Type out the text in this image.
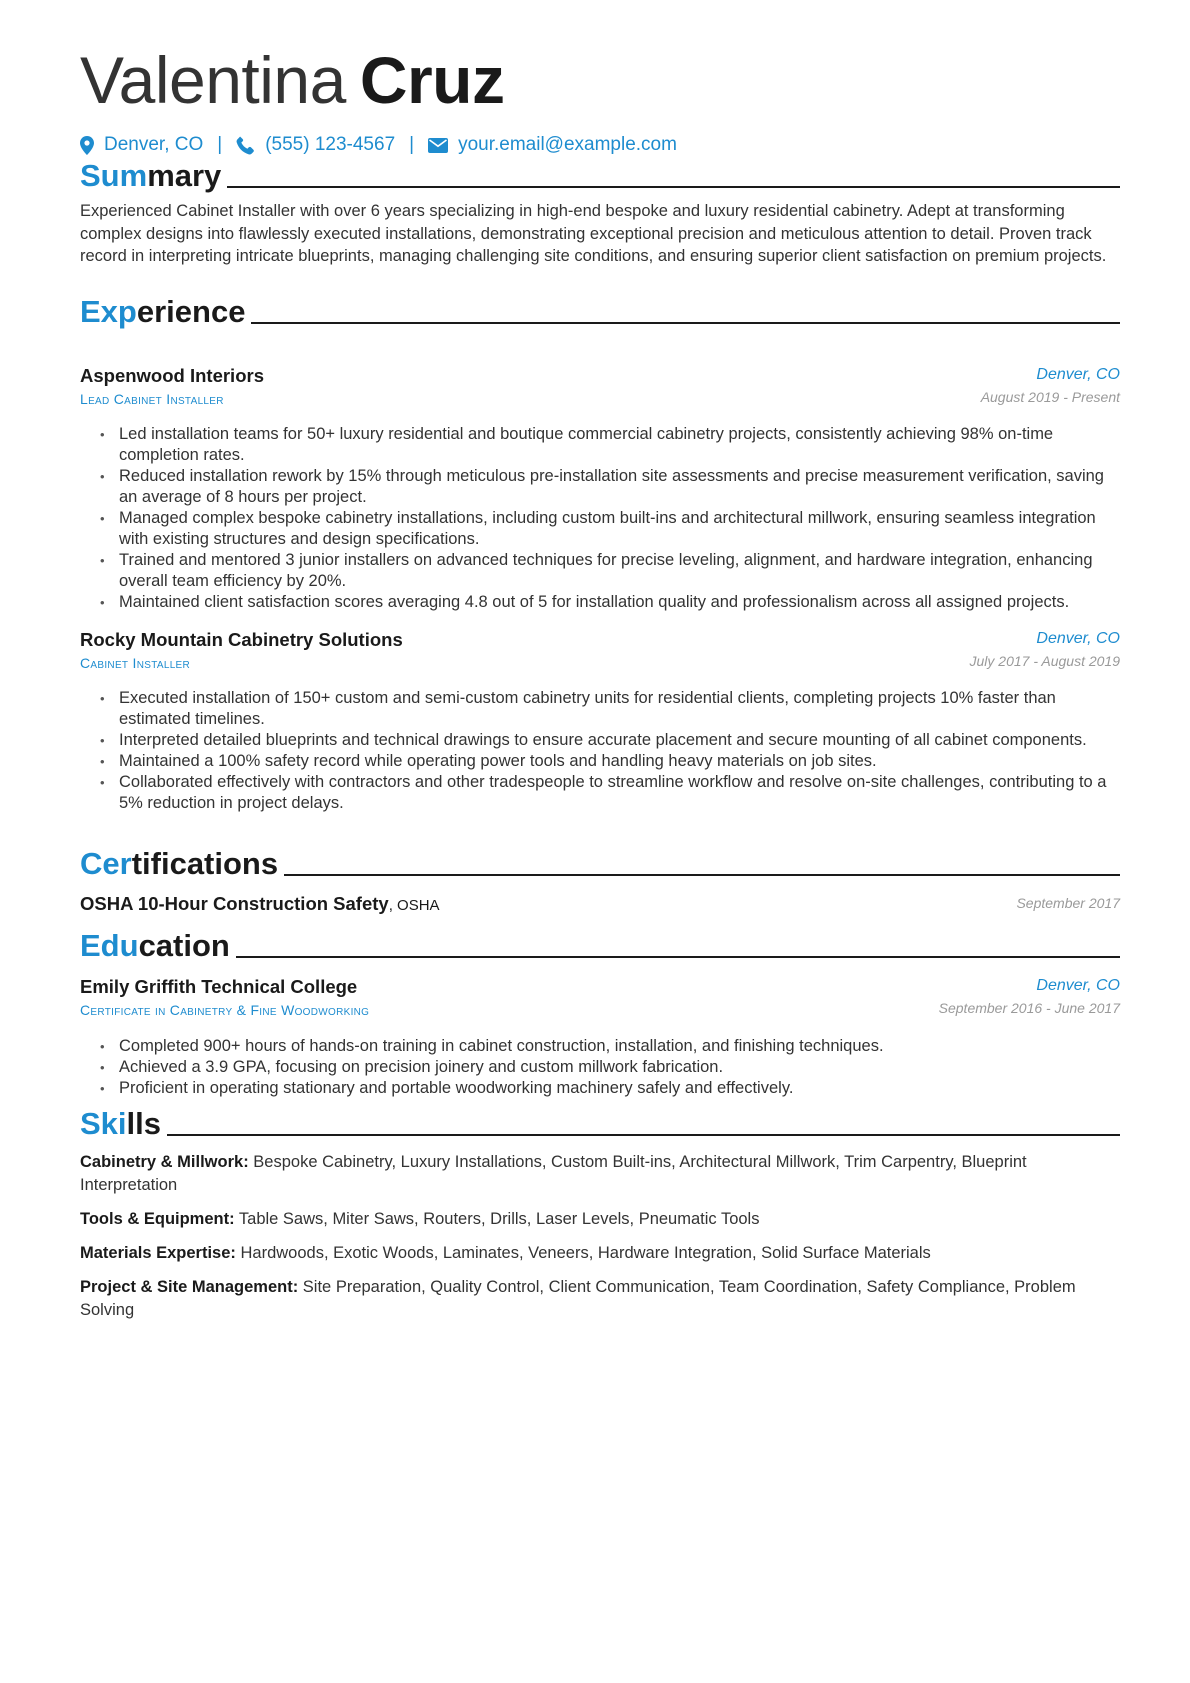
Valentina Cruz
Denver, CO | (555) 123-4567 | your.email@example.com
Summary
Experienced Cabinet Installer with over 6 years specializing in high-end bespoke and luxury residential cabinetry. Adept at transforming complex designs into flawlessly executed installations, demonstrating exceptional precision and meticulous attention to detail. Proven track record in interpreting intricate blueprints, managing challenging site conditions, and ensuring superior client satisfaction on premium projects.
Experience
Aspenwood Interiors	Denver, CO
Lead Cabinet Installer	August 2019 - Present
• Led installation teams for 50+ luxury residential and boutique commercial cabinetry projects, consistently achieving 98% on-time completion rates.
• Reduced installation rework by 15% through meticulous pre-installation site assessments and precise measurement verification, saving an average of 8 hours per project.
• Managed complex bespoke cabinetry installations, including custom built-ins and architectural millwork, ensuring seamless integration with existing structures and design specifications.
• Trained and mentored 3 junior installers on advanced techniques for precise leveling, alignment, and hardware integration, enhancing overall team efficiency by 20%.
• Maintained client satisfaction scores averaging 4.8 out of 5 for installation quality and professionalism across all assigned projects.
Rocky Mountain Cabinetry Solutions	Denver, CO
Cabinet Installer	July 2017 - August 2019
• Executed installation of 150+ custom and semi-custom cabinetry units for residential clients, completing projects 10% faster than estimated timelines.
• Interpreted detailed blueprints and technical drawings to ensure accurate placement and secure mounting of all cabinet components.
• Maintained a 100% safety record while operating power tools and handling heavy materials on job sites.
• Collaborated effectively with contractors and other tradespeople to streamline workflow and resolve on-site challenges, contributing to a 5% reduction in project delays.
Certifications
OSHA 10-Hour Construction Safety, OSHA	September 2017
Education
Emily Griffith Technical College	Denver, CO
Certificate in Cabinetry & Fine Woodworking	September 2016 - June 2017
• Completed 900+ hours of hands-on training in cabinet construction, installation, and finishing techniques.
• Achieved a 3.9 GPA, focusing on precision joinery and custom millwork fabrication.
• Proficient in operating stationary and portable woodworking machinery safely and effectively.
Skills
Cabinetry & Millwork: Bespoke Cabinetry, Luxury Installations, Custom Built-ins, Architectural Millwork, Trim Carpentry, Blueprint Interpretation
Tools & Equipment: Table Saws, Miter Saws, Routers, Drills, Laser Levels, Pneumatic Tools
Materials Expertise: Hardwoods, Exotic Woods, Laminates, Veneers, Hardware Integration, Solid Surface Materials
Project & Site Management: Site Preparation, Quality Control, Client Communication, Team Coordination, Safety Compliance, Problem Solving
